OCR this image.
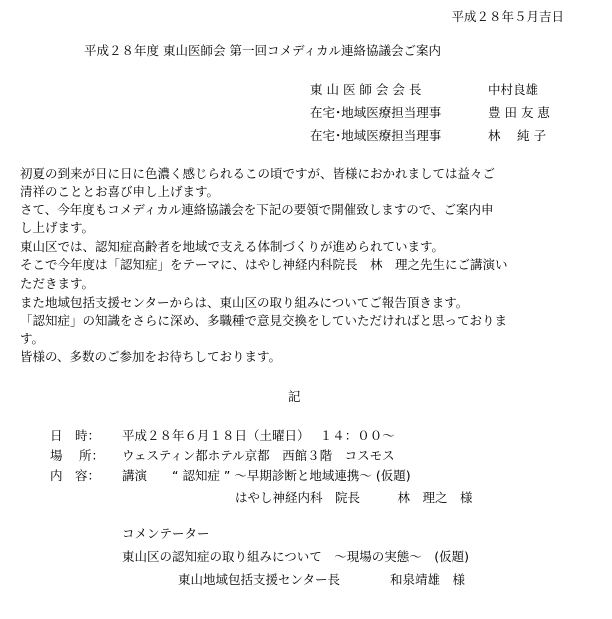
平成２８年５月吉日
平成２８年度 東山医師会 第一回コメディカル連絡協議会ご案内
東 山 医 師 会 会 長	中村良雄
在宅･地域医療担当理事	豊 田 友 恵
在宅･地域医療担当理事	林　 純 子
初夏の到来が日に日に色濃く感じられるこの頃ですが、皆様におかれましては益々ご
清祥のこととお喜び申し上げます。
さて、今年度もコメディカル連絡協議会を下記の要領で開催致しますので、ご案内申
し上げます。
東山区では、認知症高齢者を地域で支える体制づくりが進められています。
そこで今年度は「認知症」をテーマに、はやし神経内科院長　林　理之先生にご講演い
ただきます。
また地域包括支援センターからは、東山区の取り組みについてご報告頂きます。
「認知症」の知識をさらに深め、多職種で意見交換をしていただければと思っておりま
す。
皆様の、多数のご参加をお待ちしております。
記
日　時： 平成２８年６月１８日（土曜日）　 １４：００〜
場　 所： ウェスティン都ホテル京都　西館３階　コスモス
内　容： 講演　　“ 認知症 ” 〜早期診断と地域連携〜 (仮題)
はやし神経内科　院長　　　林　理之　様
コメンテーター
東山区の認知症の取り組みについて　〜現場の実態〜　(仮題)
東山地域包括支援センター長　　　　和泉靖雄　様
